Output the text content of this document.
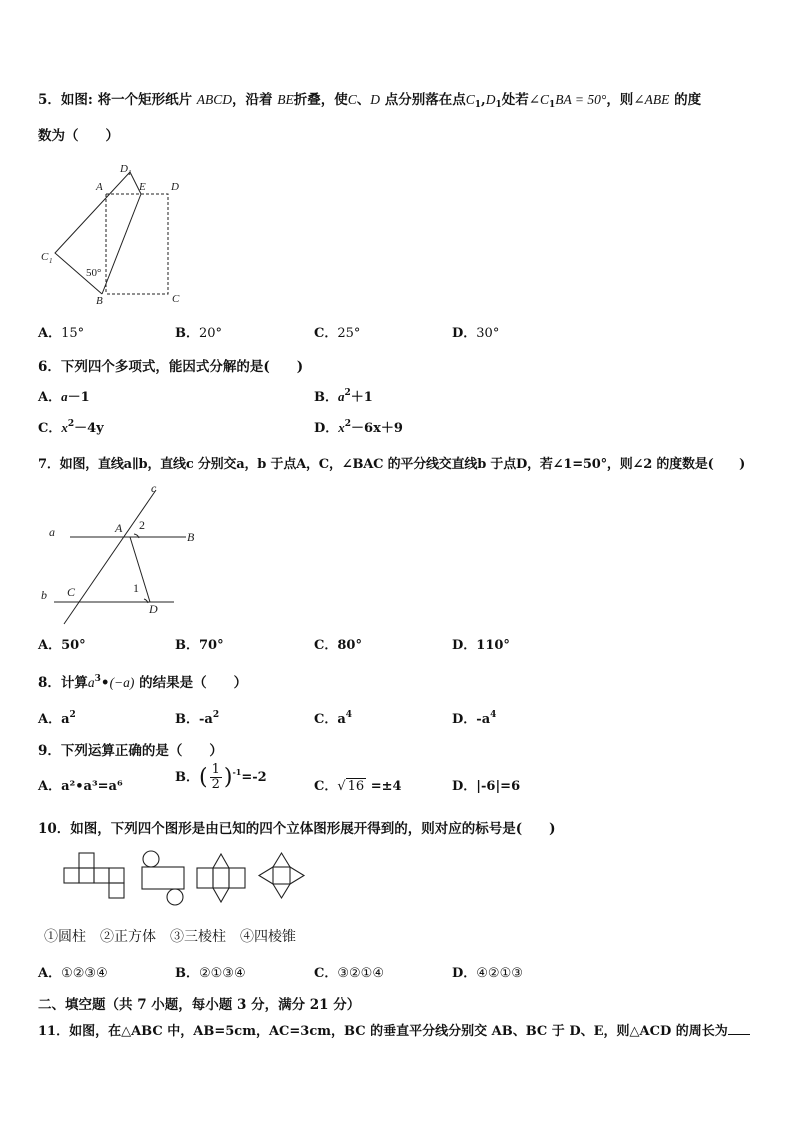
5．如图: 将一个矩形纸片 ABCD，沿着 BE折叠，使C、D 点分别落在点$C_1,D_1$处若$\angle C_1BA = 50^\circ$，则∠ABE 的度
数为（　　）
A
D 1
E D
C 1
50°
B	C
A．15°	B．20°	C．25°	D．30°
6．下列四个多项式，能因式分解的是(　　)
A．a－1	B．$a^2+1$
C．$x^2-4y$	D．$x^2-6x+9$
7．如图，直线a∥b，直线c 分别交a，b 于点A，C，∠BAC 的平分线交直线b 于点D，若∠1=50°，则∠2 的度数是(　　)
c
a	A 2
B
b C	1
D
A．50°	B．70°	C．80°	D．110°
8．计算$a^3•(-a)$ 的结果是（　　）
A．$a^2$	B．$-a^2$	C．$a^4$	D．$-a^4$
9．下列运算正确的是（　　）
A．a²•a³=a⁶
B．( $\frac{1}{2} )^{-1}=-2$
C．√ 16 =±4	D．|-6|=6
10．如图，下列四个图形是由已知的四个立体图形展开得到的，则对应的标号是(　　)
①圆柱　②正方体　③三棱柱　④四棱锥
A．①②③④	B．②①③④	C．③②①④	D．④②①③
二、填空题（共 7 小题，每小题 3 分，满分 21 分）
11．如图，在△ABC 中，AB=5cm，AC=3cm，BC 的垂直平分线分别交 AB、BC 于 D、E，则△ACD 的周长为
